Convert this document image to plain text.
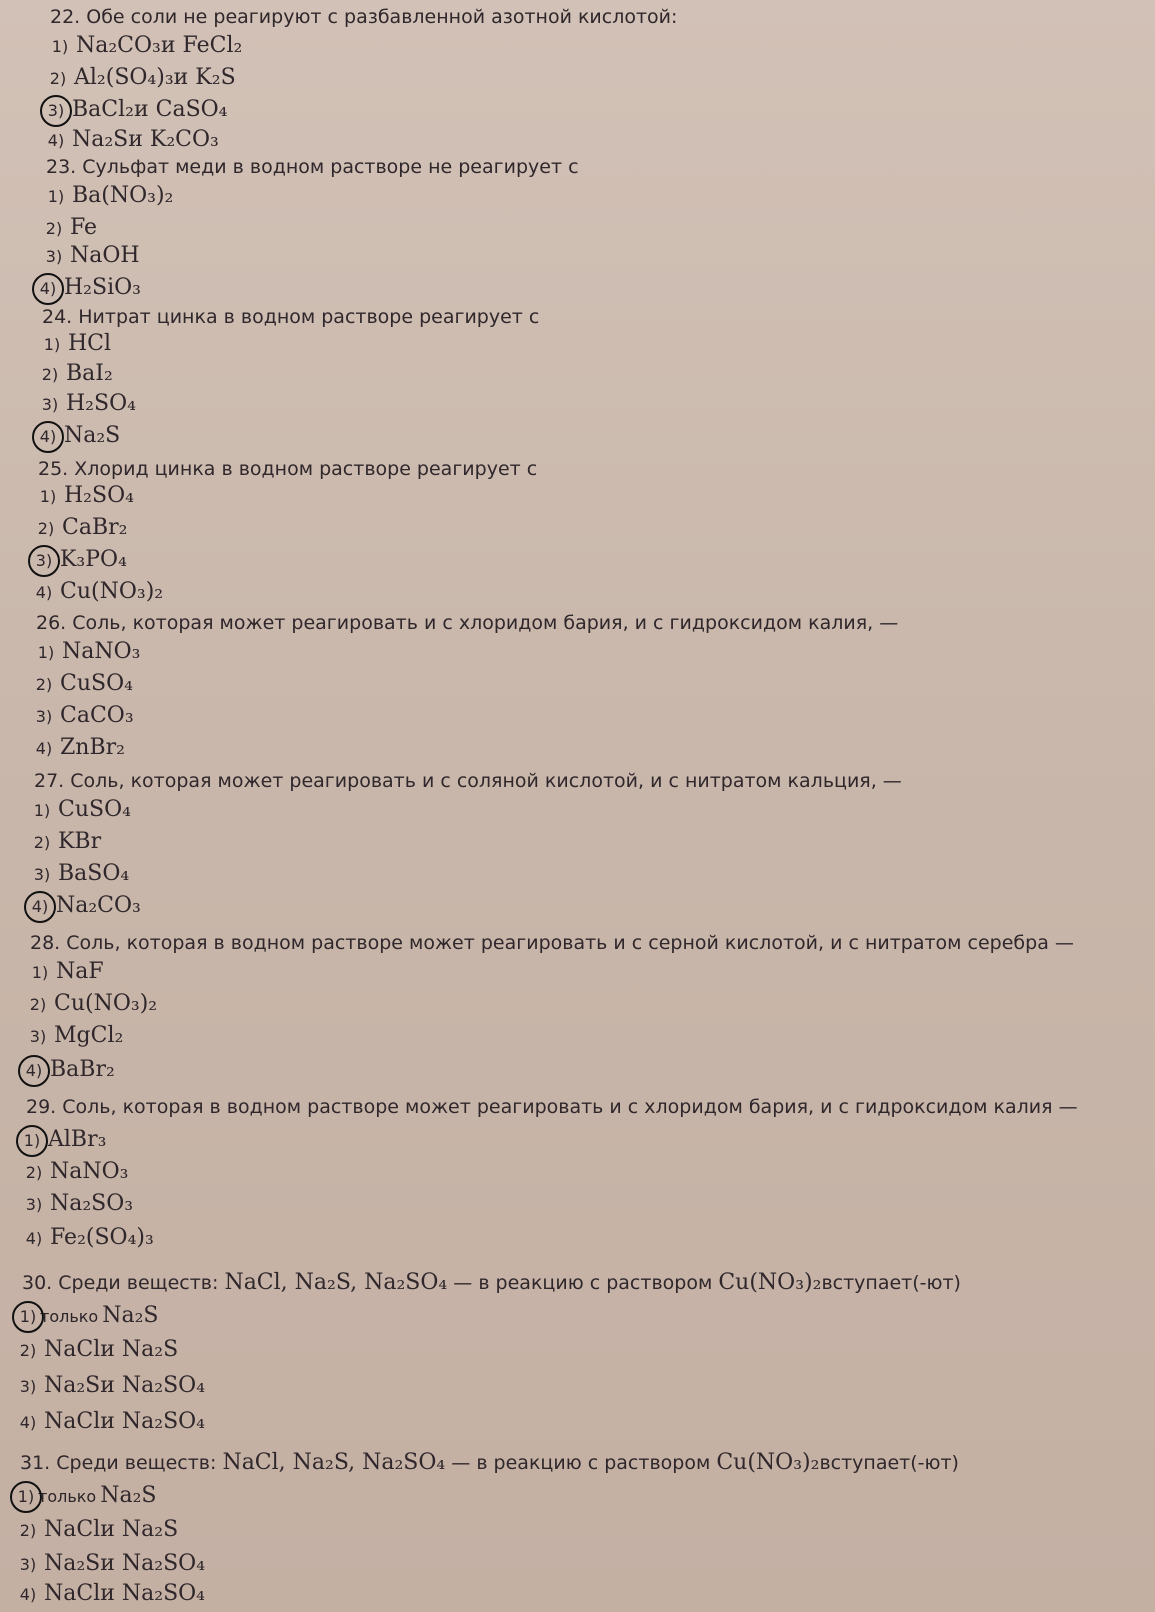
22. Обе соли не реагируют с разбавленной азотной кислотой:
1) Na₂CO₃и FeCl₂
2) Al₂(SO₄)₃и K₂S
3) BaCl₂и CaSO₄
4) Na₂Sи K₂CO₃
23. Сульфат меди в водном растворе не реагирует с
1) Ba(NO₃)₂
2) Fe
3) NaOH
4) H₂SiO₃
24. Нитрат цинка в водном растворе реагирует с
1) HCl
2) BaI₂
3) H₂SO₄
4) Na₂S
25. Хлорид цинка в водном растворе реагирует с
1) H₂SO₄
2) CaBr₂
3) K₃PO₄
4) Cu(NO₃)₂
26. Соль, которая может реагировать и с хлоридом бария, и с гидроксидом калия, —
1) NaNO₃
2) CuSO₄
3) CaCO₃
4) ZnBr₂
27. Соль, которая может реагировать и с соляной кислотой, и с нитратом кальция, —
1) CuSO₄
2) KBr
3) BaSO₄
4) Na₂CO₃
28. Соль, которая в водном растворе может реагировать и с серной кислотой, и с нитратом серебра —
1) NaF
2) Cu(NO₃)₂
3) MgCl₂
4) BaBr₂
29. Соль, которая в водном растворе может реагировать и с хлоридом бария, и с гидроксидом калия —
1) AlBr₃
2) NaNO₃
3) Na₂SO₃
4) Fe₂(SO₄)₃
30. Среди веществ: NaCl, Na₂S, Na₂SO₄ — в реакцию с раствором Cu(NO₃)₂вступает(-ют)
1) только Na₂S
2) NaClи Na₂S
3) Na₂Sи Na₂SO₄
4) NaClи Na₂SO₄
31. Среди веществ: NaCl, Na₂S, Na₂SO₄ — в реакцию с раствором Cu(NO₃)₂вступает(-ют)
1) только Na₂S
2) NaClи Na₂S
3) Na₂Sи Na₂SO₄
4) NaClи Na₂SO₄
